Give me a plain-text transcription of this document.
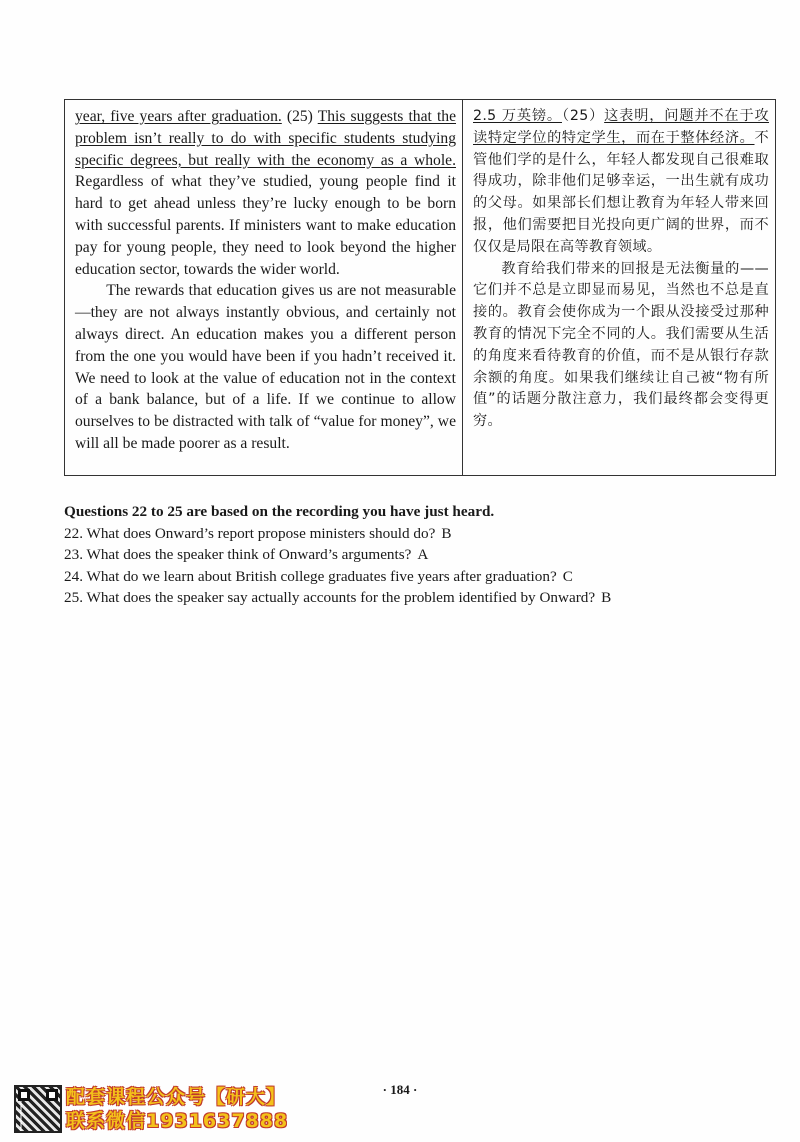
year, five years after graduation. (25) This suggests that the problem isn’t really to do with specific students studying specific degrees, but really with the economy as a whole. Regardless of what they’ve studied, young people find it hard to get ahead unless they’re lucky enough to be born with successful parents. If ministers want to make education pay for young people, they need to look beyond the higher education sector, towards the wider world.

The rewards that education gives us are not measurable—they are not always instantly obvious, and certainly not always direct. An education makes you a different person from the one you would have been if you hadn’t received it. We need to look at the value of education not in the context of a bank balance, but of a life. If we continue to allow ourselves to be distracted with talk of “value for money”, we will all be made poorer as a result.

2.5 万英镑。（25）这表明，问题并不在于攻读特定学位的特定学生，而在于整体经济。不管他们学的是什么，年轻人都发现自己很难取得成功，除非他们足够幸运，一出生就有成功的父母。如果部长们想让教育为年轻人带来回报，他们需要把目光投向更广阔的世界，而不仅仅是局限在高等教育领域。

教育给我们带来的回报是无法衡量的——它们并不总是立即显而易见，当然也不总是直接的。教育会使你成为一个跟从没接受过那种教育的情况下完全不同的人。我们需要从生活的角度来看待教育的价值，而不是从银行存款余额的角度。如果我们继续让自己被“物有所值”的话题分散注意力，我们最终都会变得更穷。

Questions 22 to 25 are based on the recording you have just heard.

22. What does Onward’s report propose ministers should do? B

23. What does the speaker think of Onward’s arguments? A

24. What do we learn about British college graduates five years after graduation? C

25. What does the speaker say actually accounts for the problem identified by Onward? B

· 184 ·
配套课程公众号【研大】
联系微信1931637888
